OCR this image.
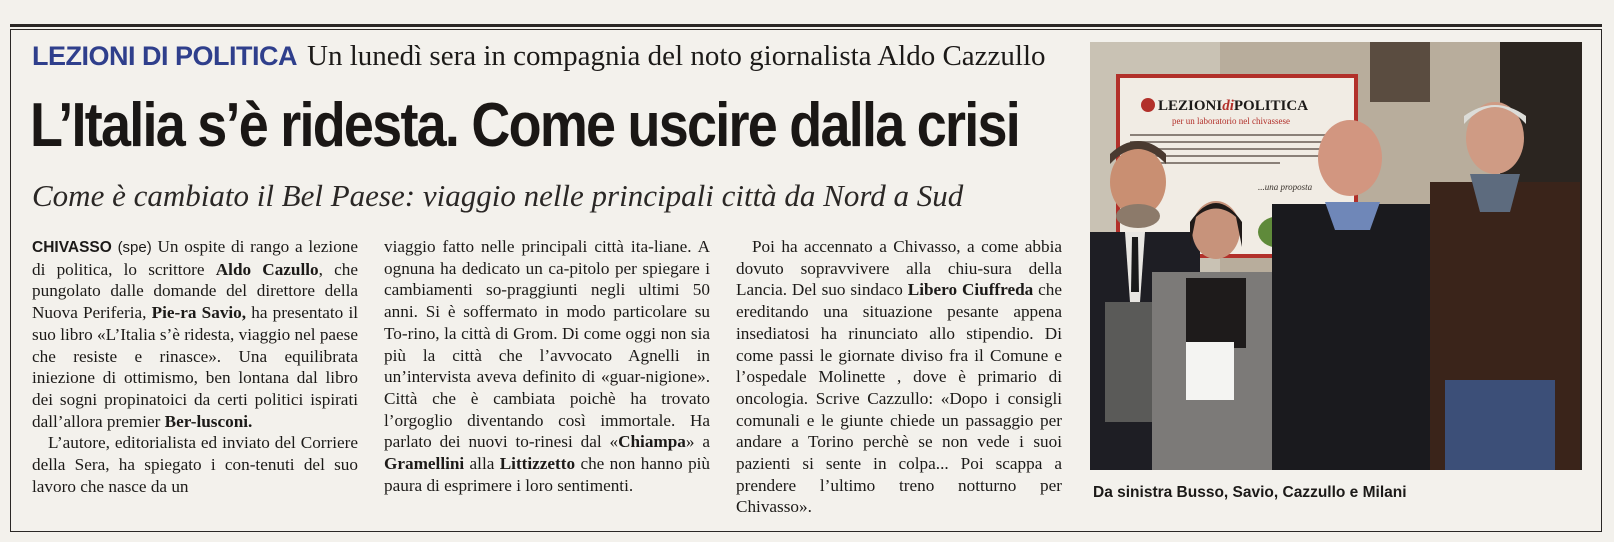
LEZIONI DI POLITICA Un lunedì sera in compagnia del noto giornalista Aldo Cazzullo
L’Italia s’è ridesta. Come uscire dalla crisi
Come è cambiato il Bel Paese: viaggio nelle principali città da Nord a Sud

CHIVASSO (spe) Un ospite di rango a lezione di politica, lo scrittore Aldo Cazullo, che pungolato dalle domande del direttore della Nuova Periferia, Pie-ra Savio, ha presentato il suo libro «L’Italia s’è ridesta, viaggio nel paese che resiste e rinasce». Una equilibrata iniezione di ottimismo, ben lontana dal libro dei sogni propinatoici da certi politici ispirati dall’allora premier Ber-lusconi.

L’autore, editorialista ed inviato del Corriere della Sera, ha spiegato i con-tenuti del suo lavoro che nasce da un

viaggio fatto nelle principali città ita-liane. A ognuna ha dedicato un ca-pitolo per spiegare i cambiamenti so-praggiunti negli ultimi 50 anni. Si è soffermato in modo particolare su To-rino, la città di Grom. Di come oggi non sia più la città che l’avvocato Agnelli in un’intervista aveva definito di «guar-nigione». Città che è cambiata poichè ha trovato l’orgoglio diventando così immortale. Ha parlato dei nuovi to-rinesi dal «Chiampa» a Gramellini alla Littizzetto che non hanno più paura di esprimere i loro sentimenti.

Poi ha accennato a Chivasso, a come abbia dovuto sopravvivere alla chiu-sura della Lancia. Del suo sindaco Libero Ciuffreda che ereditando una situazione pesante appena insediatosi ha rinunciato allo stipendio. Di come passi le giornate diviso fra il Comune e l’ospedale Molinette , dove è primario di oncologia. Scrive Cazzullo: «Dopo i consigli comunali e le giunte chiede un passaggio per andare a Torino perchè se non vede i suoi pazienti si sente in colpa... Poi scappa a prendere l’ultimo treno notturno per Chivasso».

LEZIONIdiPOLITICA
per un laboratorio nel chivassese
...una proposta
Da sinistra Busso, Savio, Cazzullo e Milani
